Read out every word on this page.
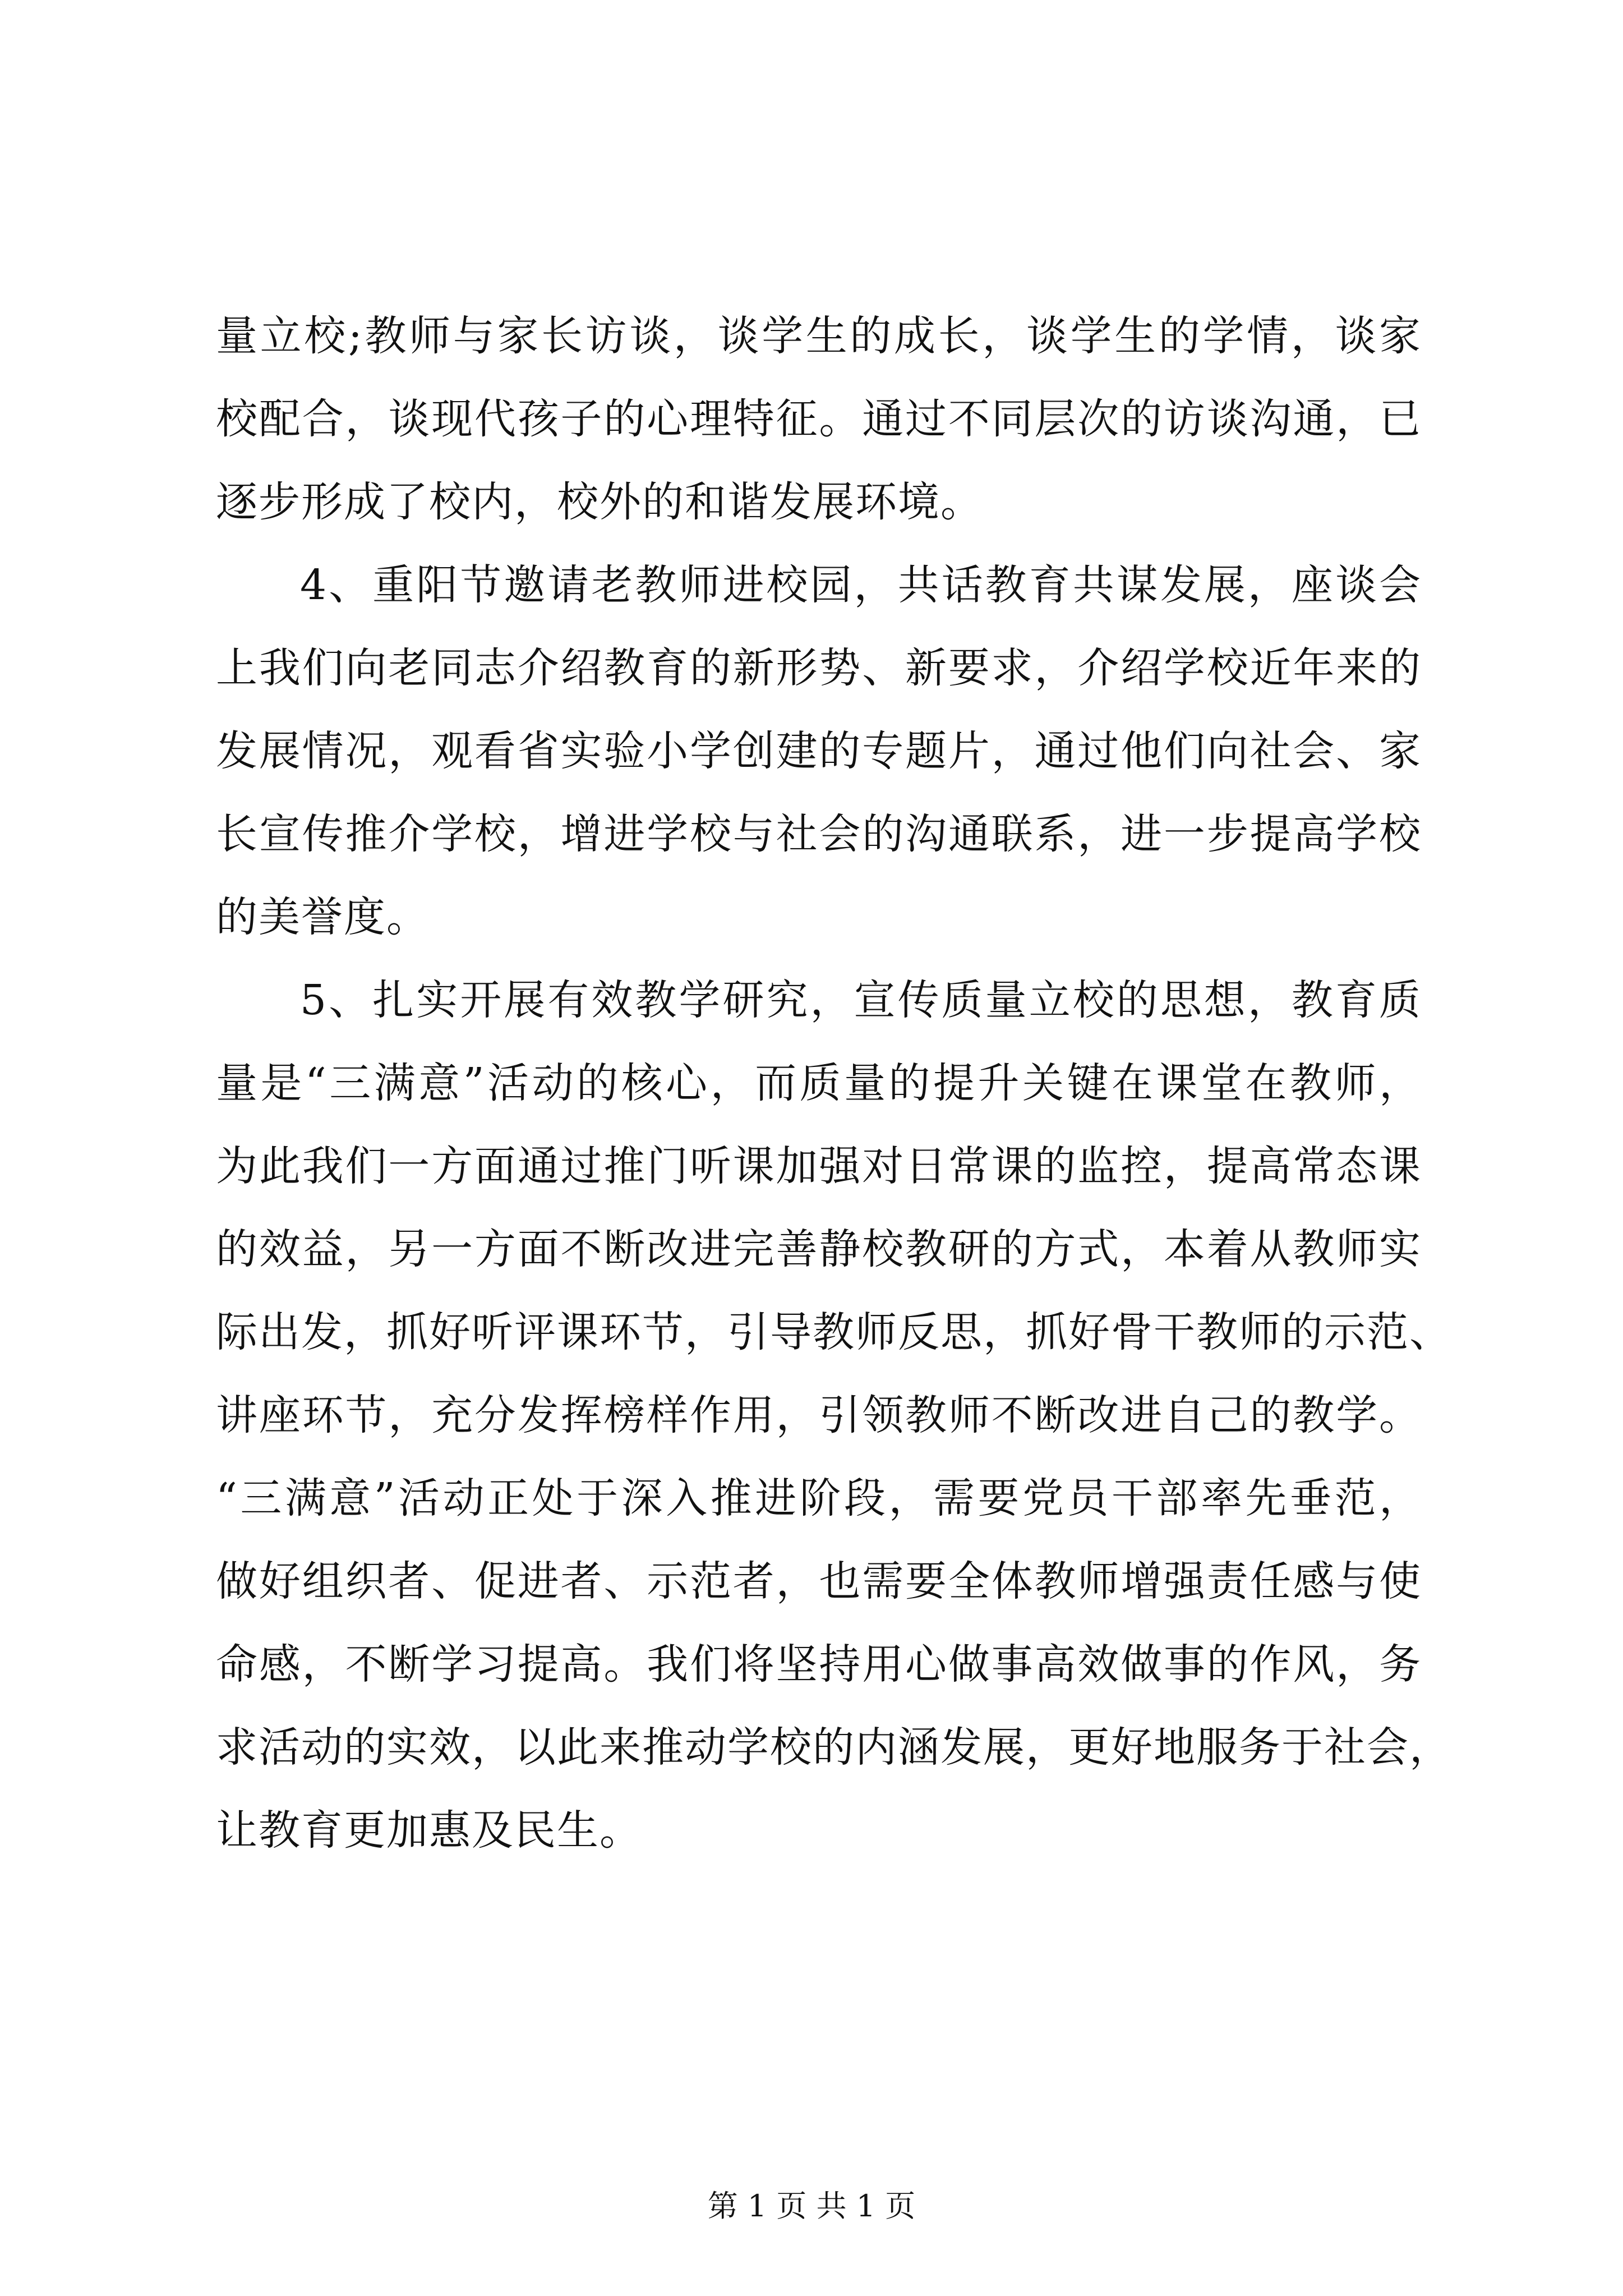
量立校;教师与家长访谈，谈学生的成长，谈学生的学情，谈家
校配合，谈现代孩子的心理特征。通过不同层次的访谈沟通，已
逐步形成了校内，校外的和谐发展环境。
4、重阳节邀请老教师进校园，共话教育共谋发展，座谈会
上我们向老同志介绍教育的新形势、新要求，介绍学校近年来的
发展情况，观看省实验小学创建的专题片，通过他们向社会、家
长宣传推介学校，增进学校与社会的沟通联系，进一步提高学校
的美誉度。
5、扎实开展有效教学研究，宣传质量立校的思想，教育质
量是“三满意”活动的核心，而质量的提升关键在课堂在教师，
为此我们一方面通过推门听课加强对日常课的监控，提高常态课
的效益，另一方面不断改进完善静校教研的方式，本着从教师实
际出发，抓好听评课环节，引导教师反思，抓好骨干教师的示范、
讲座环节，充分发挥榜样作用，引领教师不断改进自己的教学。
“三满意”活动正处于深入推进阶段，需要党员干部率先垂范，
做好组织者、促进者、示范者，也需要全体教师增强责任感与使
命感，不断学习提高。我们将坚持用心做事高效做事的作风，务
求活动的实效，以此来推动学校的内涵发展，更好地服务于社会，
让教育更加惠及民生。
第 1 页 共 1 页
